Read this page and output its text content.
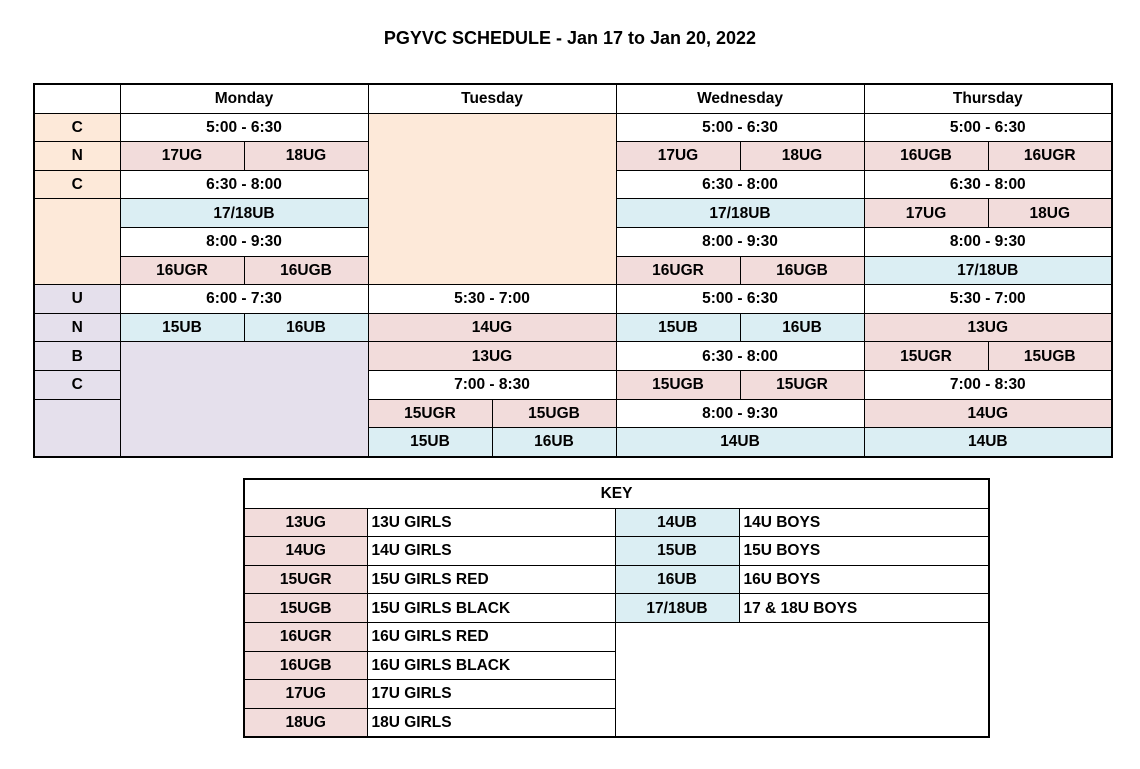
PGYVC SCHEDULE - Jan 17 to Jan 20, 2022
	Monday		Tuesday		Wednesday		Thursday	
C	5:00 - 6:30				5:00 - 6:30		5:00 - 6:30	
N	17UG	18UG			17UG	18UG	16UGB	16UGR
C	6:30 - 8:00				6:30 - 8:00		6:30 - 8:00	
	17/18UB				17/18UB		17UG	18UG
	8:00 - 9:30				8:00 - 9:30		8:00 - 9:30	
	16UGR	16UGB			16UGR	16UGB	17/18UB	
U	6:00 - 7:30		5:30 - 7:00		5:00 - 6:30		5:30 - 7:00	
N	15UB	16UB	14UG		15UB	16UB	13UG	
B			13UG		6:30 - 8:00		15UGR	15UGB
C			7:00 - 8:30		15UGB	15UGR	7:00 - 8:30	
			15UGR	15UGB	8:00 - 9:30		14UG	
			15UB	16UB	14UB		14UB	
KEY			
13UG	13U GIRLS	14UB	14U BOYS
14UG	14U GIRLS	15UB	15U BOYS
15UGR	15U GIRLS RED	16UB	16U BOYS
15UGB	15U GIRLS BLACK	17/18UB	17 & 18U BOYS
16UGR	16U GIRLS RED		
16UGB	16U GIRLS BLACK		
17UG	17U GIRLS		
18UG	18U GIRLS		
